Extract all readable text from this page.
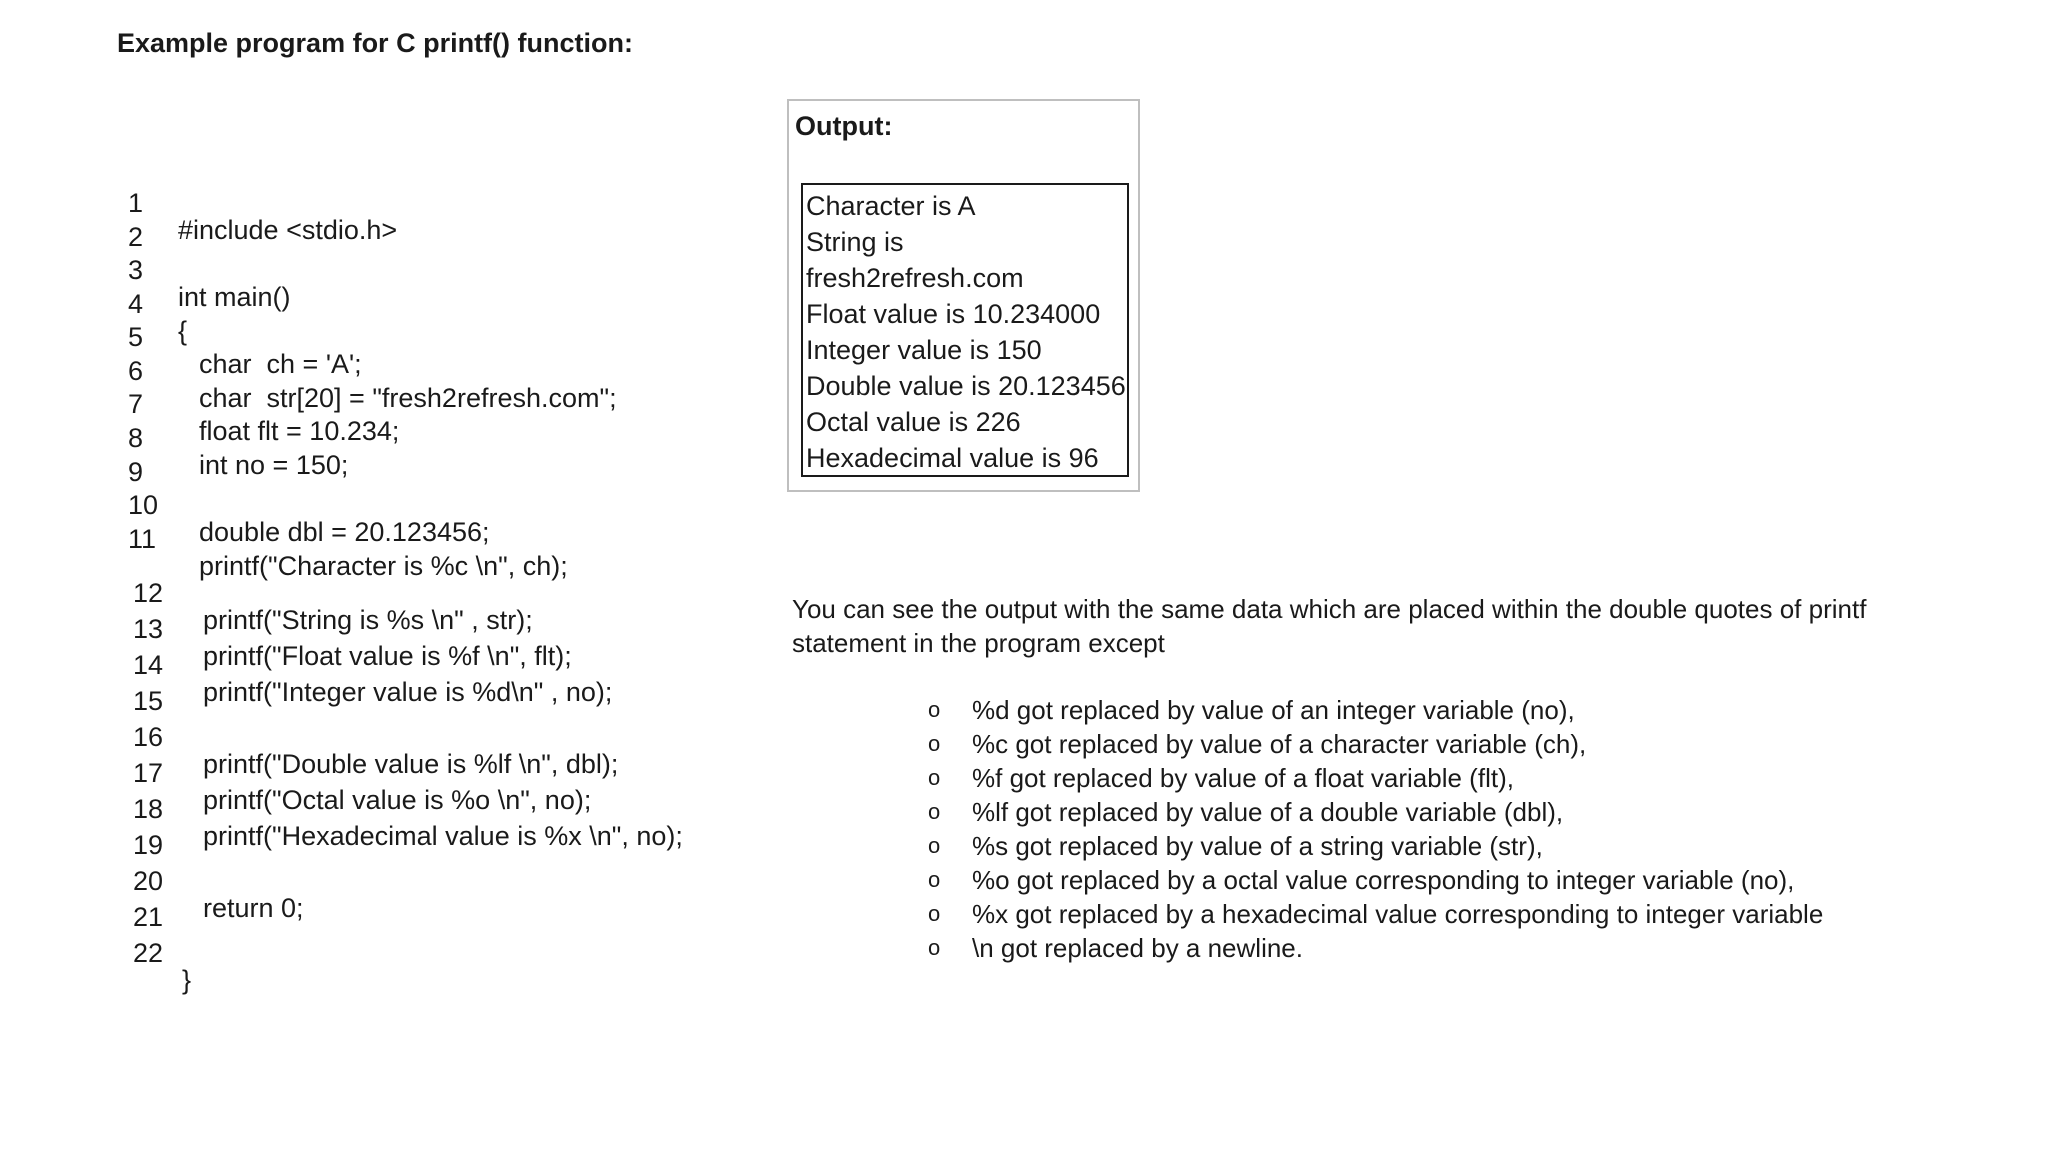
Example program for C printf() function:

1

#include <stdio.h>

2

3

int main()

4

{

5

char  ch = 'A';

6

char  str[20] = "fresh2refresh.com";

7

float flt = 10.234;

8

int no = 150;

9

10

double dbl = 20.123456;

11

printf("Character is %c \n", ch);

12

printf("String is %s \n" , str);

13

printf("Float value is %f \n", flt);

14

printf("Integer value is %d\n" , no);

15

16

printf("Double value is %lf \n", dbl);

17

printf("Octal value is %o \n", no);

18

printf("Hexadecimal value is %x \n", no);

19

20

return 0;

21

22

}

Output:
Character is A
String is
fresh2refresh.com
Float value is 10.234000
Integer value is 150
Double value is 20.123456
Octal value is 226
Hexadecimal value is 96

You can see the output with the same data which are placed within the double quotes of printf statement in the program except

o %d got replaced by value of an integer variable (no),
o %c got replaced by value of a character variable (ch),
o %f got replaced by value of a float variable (flt),
o %lf got replaced by value of a double variable (dbl),
o %s got replaced by value of a string variable (str),
o %o got replaced by a octal value corresponding to integer variable (no),
o %x got replaced by a hexadecimal value corresponding to integer variable
o \n got replaced by a newline.
